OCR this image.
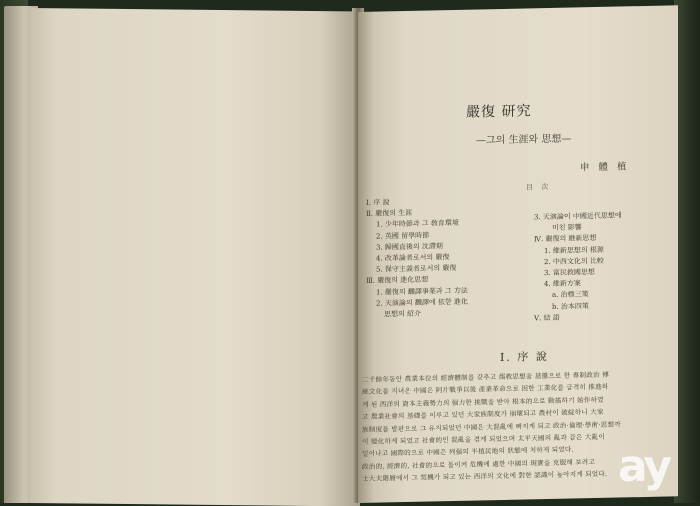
嚴復 研究
—그의 生涯와 思想—
申 體 植
目 次
Ⅰ. 序 說
Ⅱ. 嚴復의 生涯
1. 少年時節과 그 敎育環境
2. 英國 留學時節
3. 歸國直後의 沈滯期
4. 改革論者로서의 嚴復
5. 保守主義者로서의 嚴復
Ⅲ. 嚴復의 進化思想
1. 嚴復의 飜譯事業과 그 方法
2. 天演論의 飜譯에 依한 進化
思想의 紹介
3. 天演論이 中國近代思想에
미친 影響
Ⅳ. 嚴復의 維新思想
1. 維新思想의 根源
2. 中西文化의 比較
3. 富民救國思想
4. 維新方案
a. 治標三策
b. 治本四策
Ⅴ. 結 語
Ⅰ. 序 說
二千餘年동안 農業本位의 經濟體制를 갖추고 儒敎思想을 基盤으로 한 專制政治 傳
統文化를 지녀온 中國은 阿片戰爭以後 產業革命으로 因한 工業化를 급격히 推進하
게 된 西洋의 資本主義勢力의 强力한 挑戰을 받아 根本的으로 動搖하기 始作하였
고 農業社會의 基礎를 이루고 있던 大家族制度가 崩壞되고 農村이 破綻하니 大家
族制度를 발판으로 그 유지되었던 中國은 大混亂에 빠지게 되고 政治·倫理·學術·思想까
이 變化하게 되었고 社會的인 混亂을 겪게 되었으며 太平天國의 亂과 같은 大亂이
일어나고 國際的으로 中國은 列强의 半植民地의 狀態에 처하게 되었다.
政治的, 經濟的, 社會的으로 돌이켜 危機에 處한 中國의 現實을 克服해 보려고
士大夫階層에서 그 契機가 되고 있는 西洋의 文化에 對한 認識이 높아지게 되었다. ay
